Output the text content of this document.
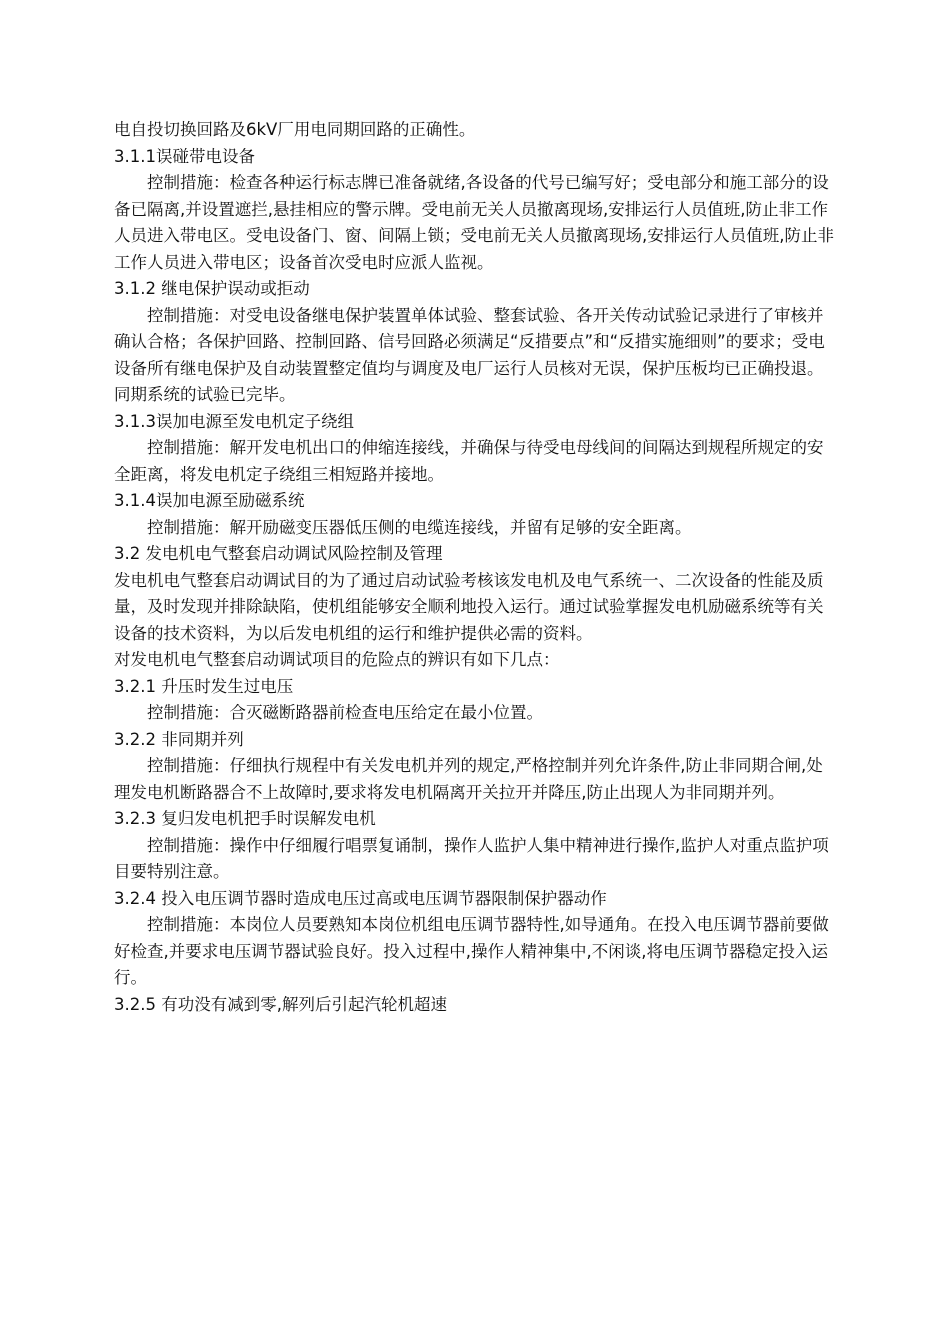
电自投切换回路及6kV厂用电同期回路的正确性。
3.1.1误碰带电设备
控制措施：检查各种运行标志牌已准备就绪,各设备的代号已编写好；受电部分和施工部分的设备已隔离,并设置遮拦,悬挂相应的警示牌。受电前无关人员撤离现场,安排运行人员值班,防止非工作人员进入带电区。受电设备门、窗、间隔上锁；受电前无关人员撤离现场,安排运行人员值班,防止非工作人员进入带电区；设备首次受电时应派人监视。
3.1.2 继电保护误动或拒动
控制措施：对受电设备继电保护装置单体试验、整套试验、各开关传动试验记录进行了审核并确认合格；各保护回路、控制回路、信号回路必须满足“反措要点”和“反措实施细则”的要求；受电设备所有继电保护及自动装置整定值均与调度及电厂运行人员核对无误，保护压板均已正确投退。同期系统的试验已完毕。
3.1.3误加电源至发电机定子绕组
控制措施：解开发电机出口的伸缩连接线，并确保与待受电母线间的间隔达到规程所规定的安全距离，将发电机定子绕组三相短路并接地。
3.1.4误加电源至励磁系统
控制措施：解开励磁变压器低压侧的电缆连接线，并留有足够的安全距离。
3.2 发电机电气整套启动调试风险控制及管理
发电机电气整套启动调试目的为了通过启动试验考核该发电机及电气系统一、二次设备的性能及质量，及时发现并排除缺陷，使机组能够安全顺利地投入运行。通过试验掌握发电机励磁系统等有关设备的技术资料，为以后发电机组的运行和维护提供必需的资料。
对发电机电气整套启动调试项目的危险点的辨识有如下几点：
3.2.1 升压时发生过电压
控制措施：合灭磁断路器前检查电压给定在最小位置。
3.2.2 非同期并列
控制措施：仔细执行规程中有关发电机并列的规定,严格控制并列允许条件,防止非同期合闸,处理发电机断路器合不上故障时,要求将发电机隔离开关拉开并降压,防止出现人为非同期并列。
3.2.3 复归发电机把手时误解发电机
控制措施：操作中仔细履行唱票复诵制，操作人监护人集中精神进行操作,监护人对重点监护项目要特别注意。
3.2.4 投入电压调节器时造成电压过高或电压调节器限制保护器动作
控制措施：本岗位人员要熟知本岗位机组电压调节器特性,如导通角。在投入电压调节器前要做好检查,并要求电压调节器试验良好。投入过程中,操作人精神集中,不闲谈,将电压调节器稳定投入运行。
3.2.5 有功没有减到零,解列后引起汽轮机超速
